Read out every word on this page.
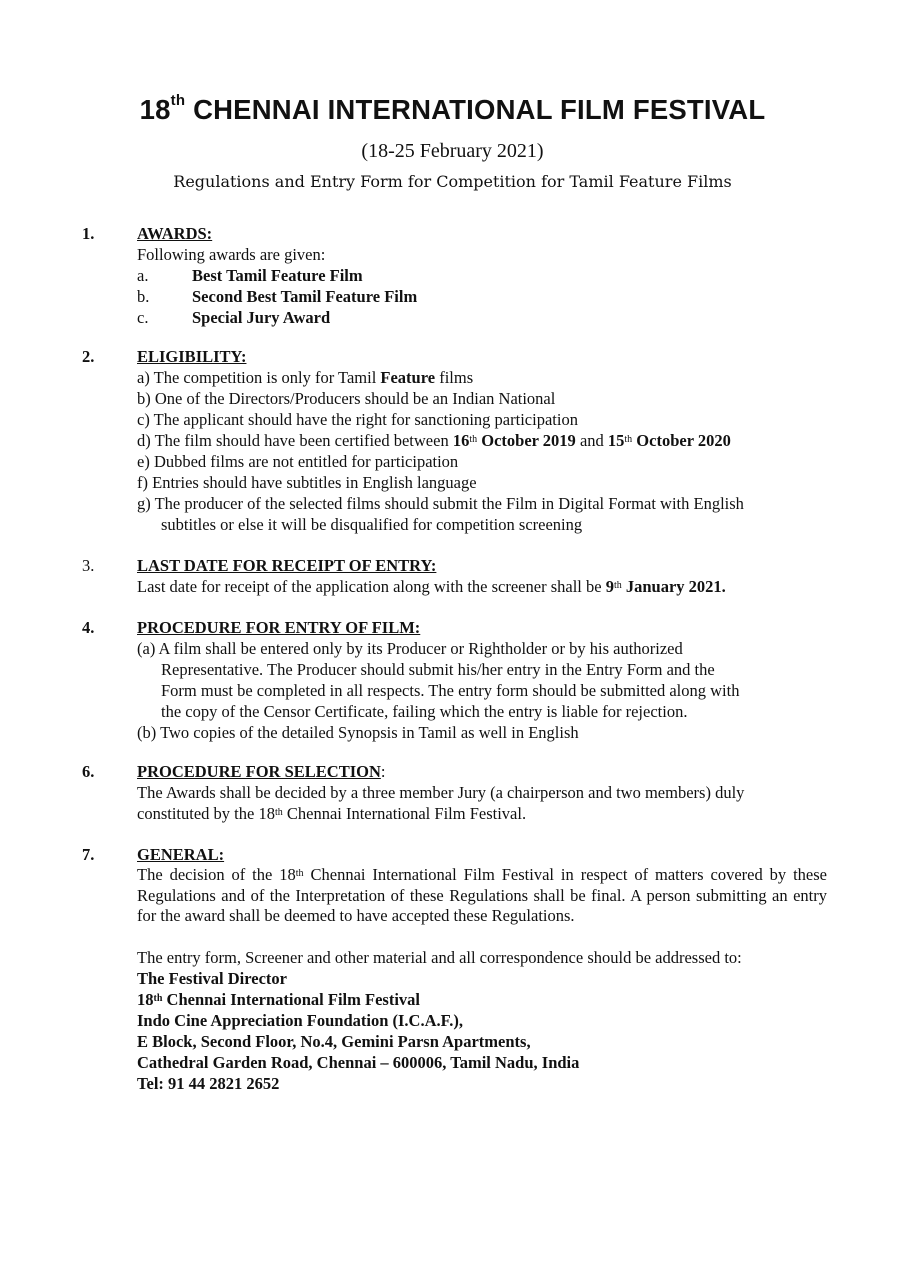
18th CHENNAI INTERNATIONAL FILM FESTIVAL

(18-25 February 2021)

Regulations and Entry Form for Competition for Tamil Feature Films

1.	AWARDS:
Following awards are given:
a.	Best Tamil Feature Film
b.	Second Best Tamil Feature Film
c.	Special Jury Award
2.	ELIGIBILITY:
a) The competition is only for Tamil Feature films
b) One of the Directors/Producers should be an Indian National
c) The applicant should have the right for sanctioning participation
d) The film should have been certified between 16th October 2019 and 15th October 2020
e) Dubbed films are not entitled for participation
f) Entries should have subtitles in English language
g) The producer of the selected films should submit the Film in Digital Format with English
subtitles or else it will be disqualified for competition screening
3.	LAST DATE FOR RECEIPT OF ENTRY:
Last date for receipt of the application along with the screener shall be 9th January 2021.
4.	PROCEDURE FOR ENTRY OF FILM:
(a) A film shall be entered only by its Producer or Rightholder or by his authorized
Representative. The Producer should submit his/her entry in the Entry Form and the
Form must be completed in all respects. The entry form should be submitted along with
the copy of the Censor Certificate, failing which the entry is liable for rejection.
(b) Two copies of the detailed Synopsis in Tamil as well in English
6.	PROCEDURE FOR SELECTION:
The Awards shall be decided by a three member Jury (a chairperson and two members) duly
constituted by the 18th Chennai International Film Festival.
7.	GENERAL:
The decision of the 18th Chennai International Film Festival in respect of matters covered by these Regulations and of the Interpretation of these Regulations shall be final. A person submitting an entry for the award shall be deemed to have accepted these Regulations.
The entry form, Screener and other material and all correspondence should be addressed to:
The Festival Director
18th Chennai International Film Festival
Indo Cine Appreciation Foundation (I.C.A.F.),
E Block, Second Floor, No.4, Gemini Parsn Apartments,
Cathedral Garden Road, Chennai – 600006, Tamil Nadu, India
Tel: 91 44 2821 2652
